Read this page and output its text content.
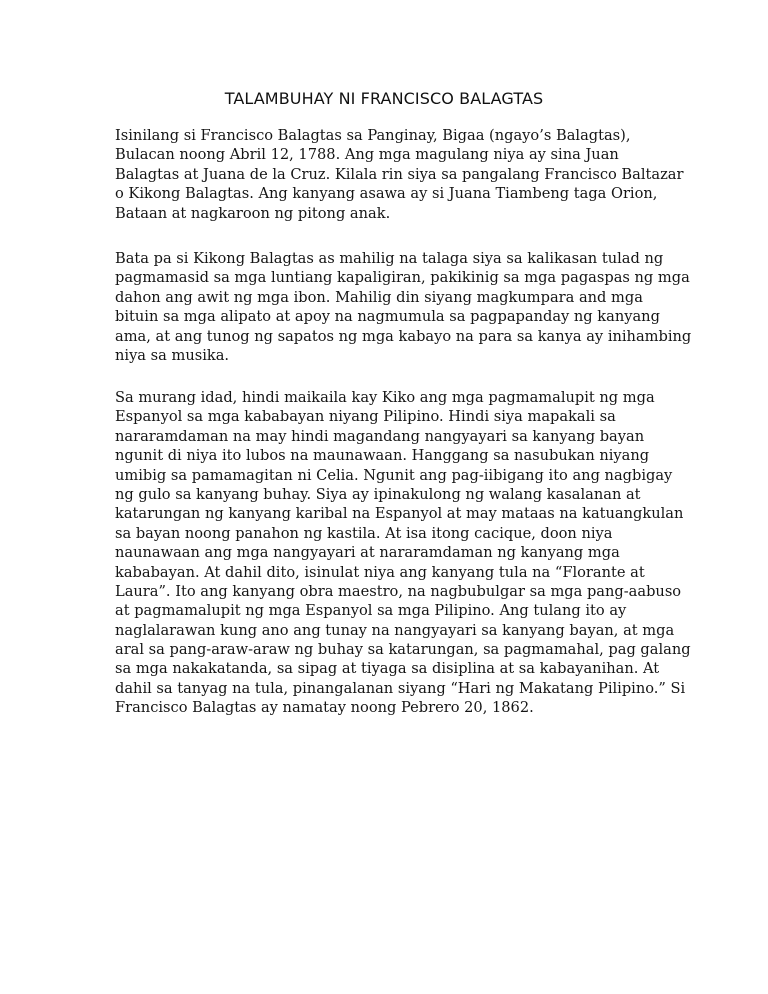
TALAMBUHAY NI FRANCISCO BALAGTAS
Isinilang si Francisco Balagtas sa Panginay, Bigaa (ngayo’s Balagtas),
Bulacan noong Abril 12, 1788. Ang mga magulang niya ay sina Juan
Balagtas at Juana de la Cruz. Kilala rin siya sa pangalang Francisco Baltazar
o Kikong Balagtas. Ang kanyang asawa ay si Juana Tiambeng taga Orion,
Bataan at nagkaroon ng pitong anak.
Bata pa si Kikong Balagtas as mahilig na talaga siya sa kalikasan tulad ng
pagmamasid sa mga luntiang kapaligiran, pakikinig sa mga pagaspas ng mga
dahon ang awit ng mga ibon. Mahilig din siyang magkumpara and mga
bituin sa mga alipato at apoy na nagmumula sa pagpapanday ng kanyang
ama, at ang tunog ng sapatos ng mga kabayo na para sa kanya ay inihambing
niya sa musika.
Sa murang idad, hindi maikaila kay Kiko ang mga pagmamalupit ng mga
Espanyol sa mga kababayan niyang Pilipino. Hindi siya mapakali sa
nararamdaman na may hindi magandang nangyayari sa kanyang bayan
ngunit di niya ito lubos na maunawaan. Hanggang sa nasubukan niyang
umibig sa pamamagitan ni Celia. Ngunit ang pag-iibigang ito ang nagbigay
ng gulo sa kanyang buhay. Siya ay ipinakulong ng walang kasalanan at
katarungan ng kanyang karibal na Espanyol at may mataas na katuangkulan
sa bayan noong panahon ng kastila. At isa itong cacique, doon niya
naunawaan ang mga nangyayari at nararamdaman ng kanyang mga
kababayan. At dahil dito, isinulat niya ang kanyang tula na “Florante at
Laura”. Ito ang kanyang obra maestro, na nagbubulgar sa mga pang-aabuso
at pagmamalupit ng mga Espanyol sa mga Pilipino. Ang tulang ito ay
naglalarawan kung ano ang tunay na nangyayari sa kanyang bayan, at mga
aral sa pang-araw-araw ng buhay sa katarungan, sa pagmamahal, pag galang
sa mga nakakatanda, sa sipag at tiyaga sa disiplina at sa kabayanihan. At
dahil sa tanyag na tula, pinangalanan siyang “Hari ng Makatang Pilipino.” Si
Francisco Balagtas ay namatay noong Pebrero 20, 1862.
